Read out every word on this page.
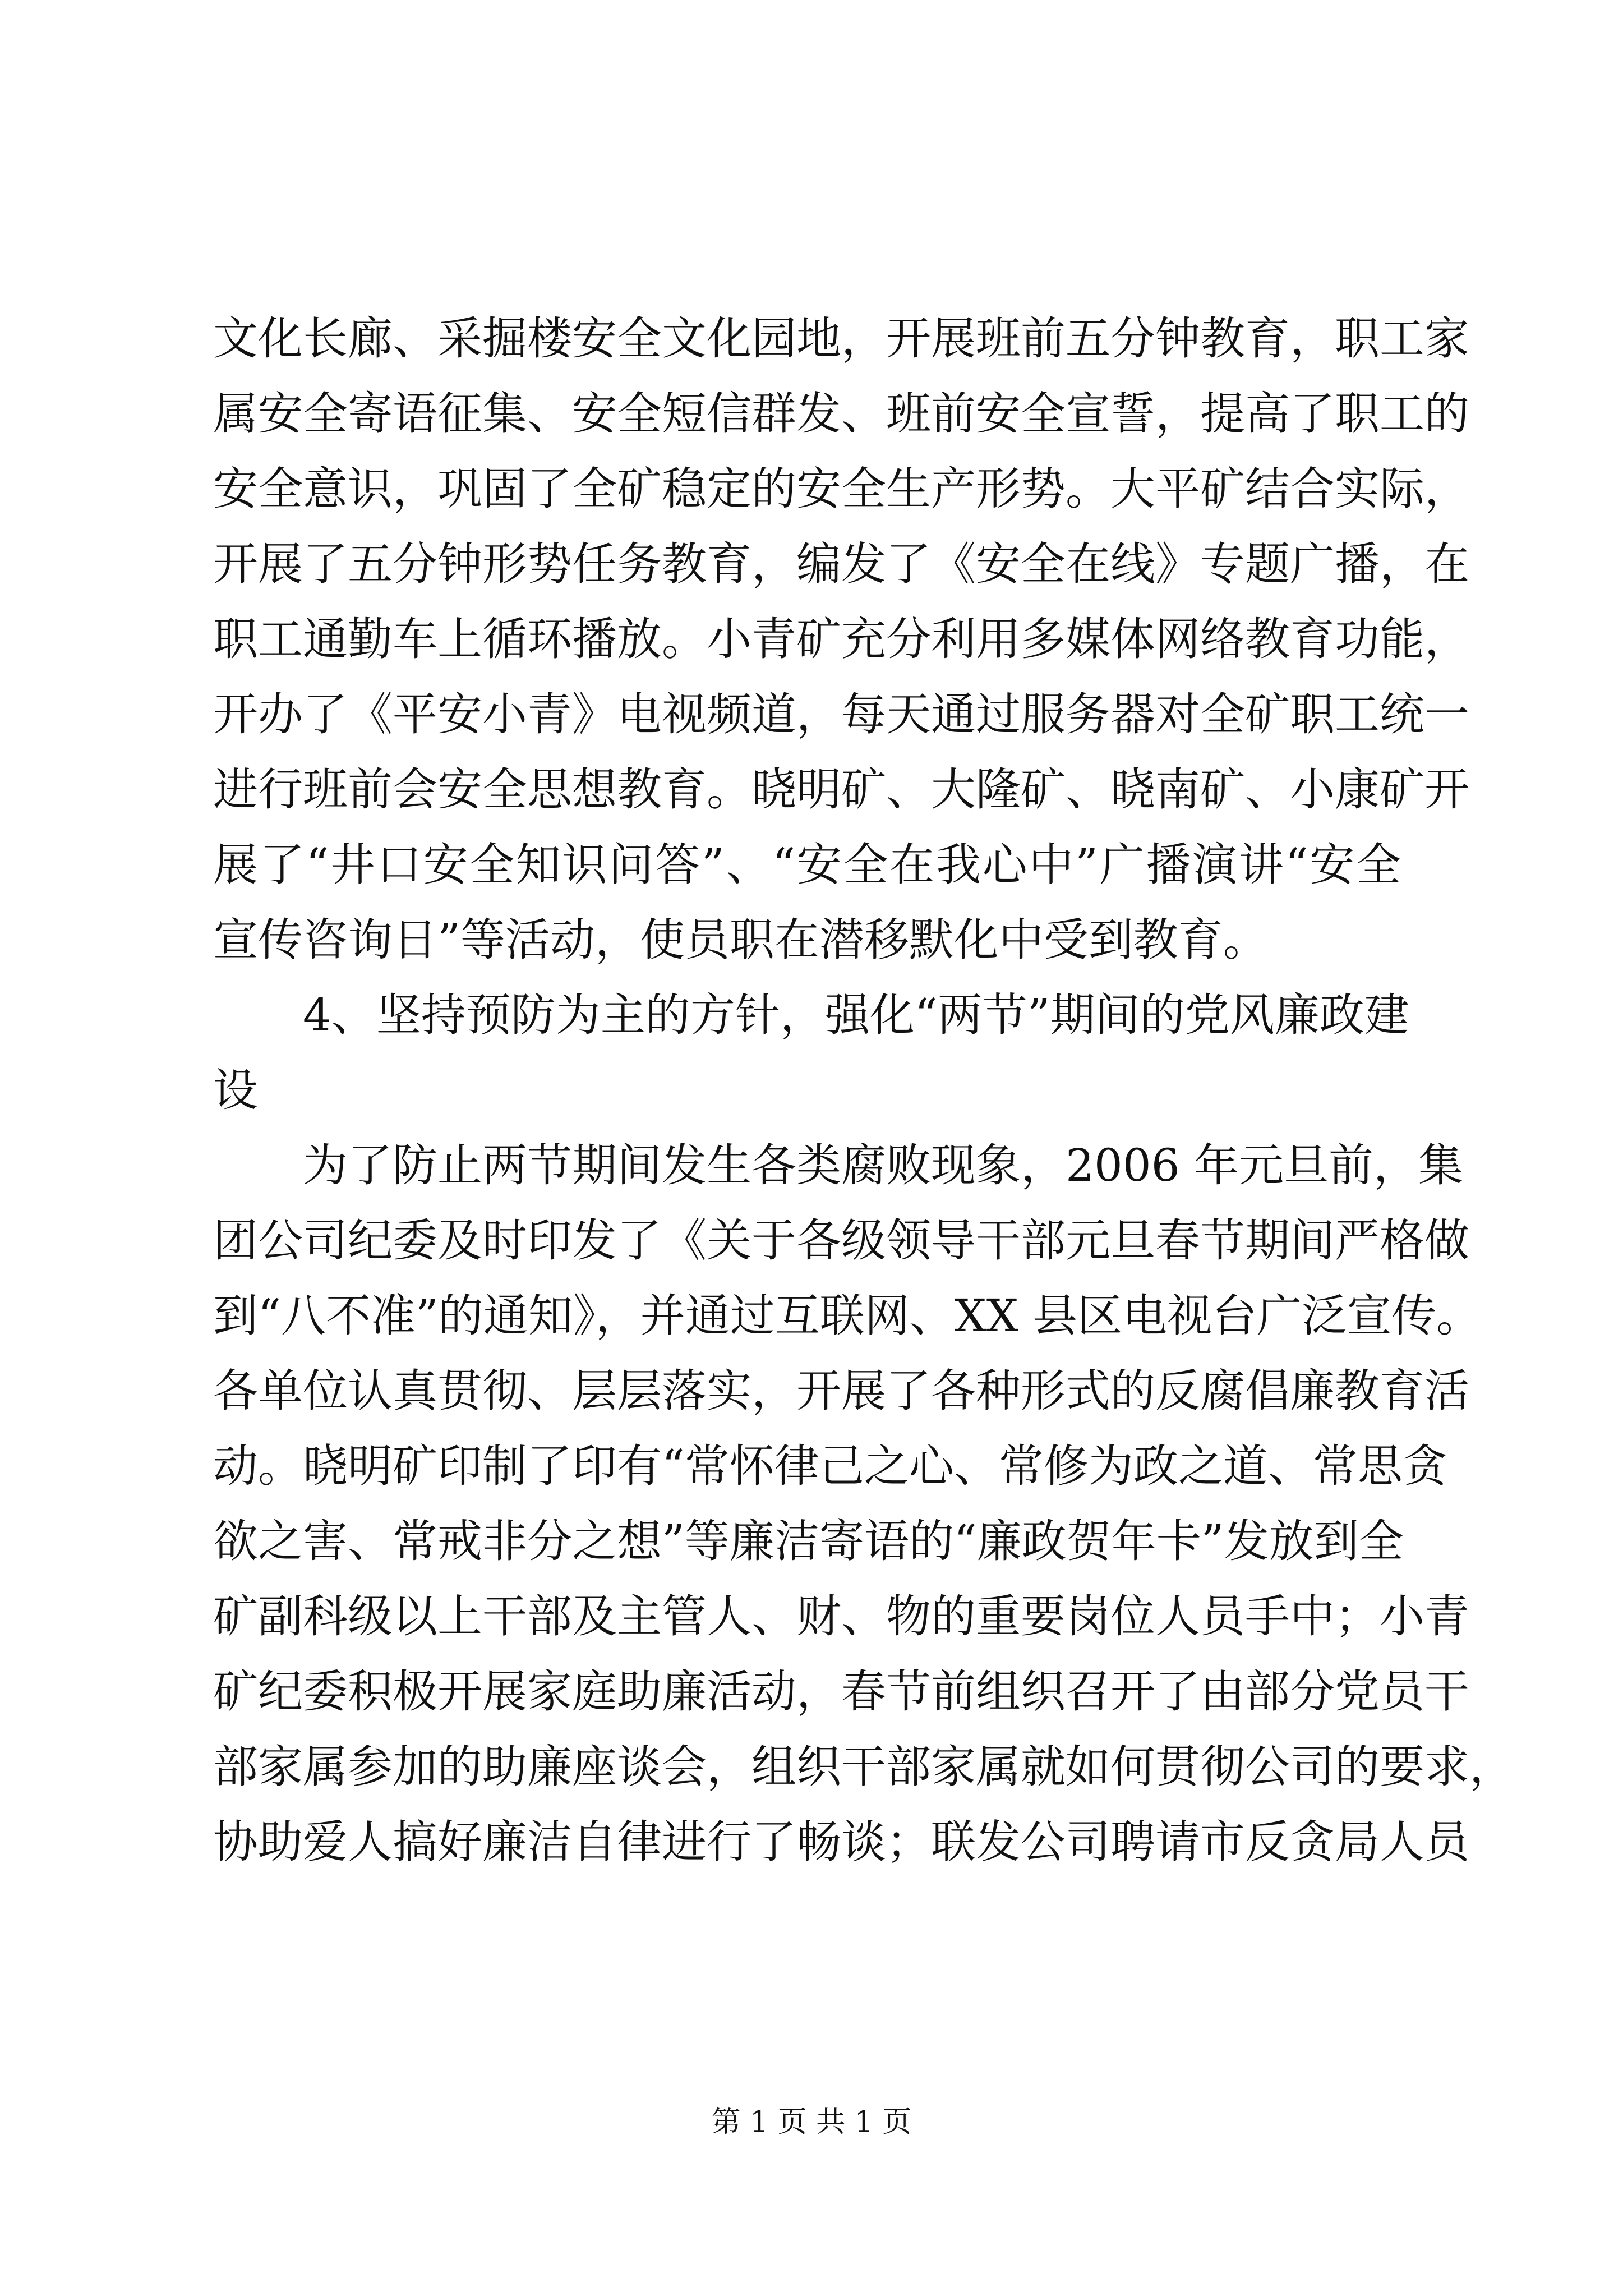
文化长廊、采掘楼安全文化园地，开展班前五分钟教育，职工家
属安全寄语征集、安全短信群发、班前安全宣誓，提高了职工的
安全意识，巩固了全矿稳定的安全生产形势。大平矿结合实际，
开展了五分钟形势任务教育，编发了《安全在线》专题广播，在
职工通勤车上循环播放。小青矿充分利用多媒体网络教育功能，
开办了《平安小青》电视频道，每天通过服务器对全矿职工统一
进行班前会安全思想教育。晓明矿、大隆矿、晓南矿、小康矿开
展了“井口安全知识问答”、“安全在我心中”广播演讲“安全
宣传咨询日”等活动，使员职在潜移默化中受到教育。
4、坚持预防为主的方针，强化“两节”期间的党风廉政建
设
为了防止两节期间发生各类腐败现象，2006 年元旦前，集
团公司纪委及时印发了《关于各级领导干部元旦春节期间严格做
到“八不准”的通知》，并通过互联网、XX 县区电视台广泛宣传。
各单位认真贯彻、层层落实，开展了各种形式的反腐倡廉教育活
动。晓明矿印制了印有“常怀律己之心、常修为政之道、常思贪
欲之害、常戒非分之想”等廉洁寄语的“廉政贺年卡”发放到全
矿副科级以上干部及主管人、财、物的重要岗位人员手中；小青
矿纪委积极开展家庭助廉活动，春节前组织召开了由部分党员干
部家属参加的助廉座谈会，组织干部家属就如何贯彻公司的要求，
协助爱人搞好廉洁自律进行了畅谈；联发公司聘请市反贪局人员
第 1 页 共 1 页
